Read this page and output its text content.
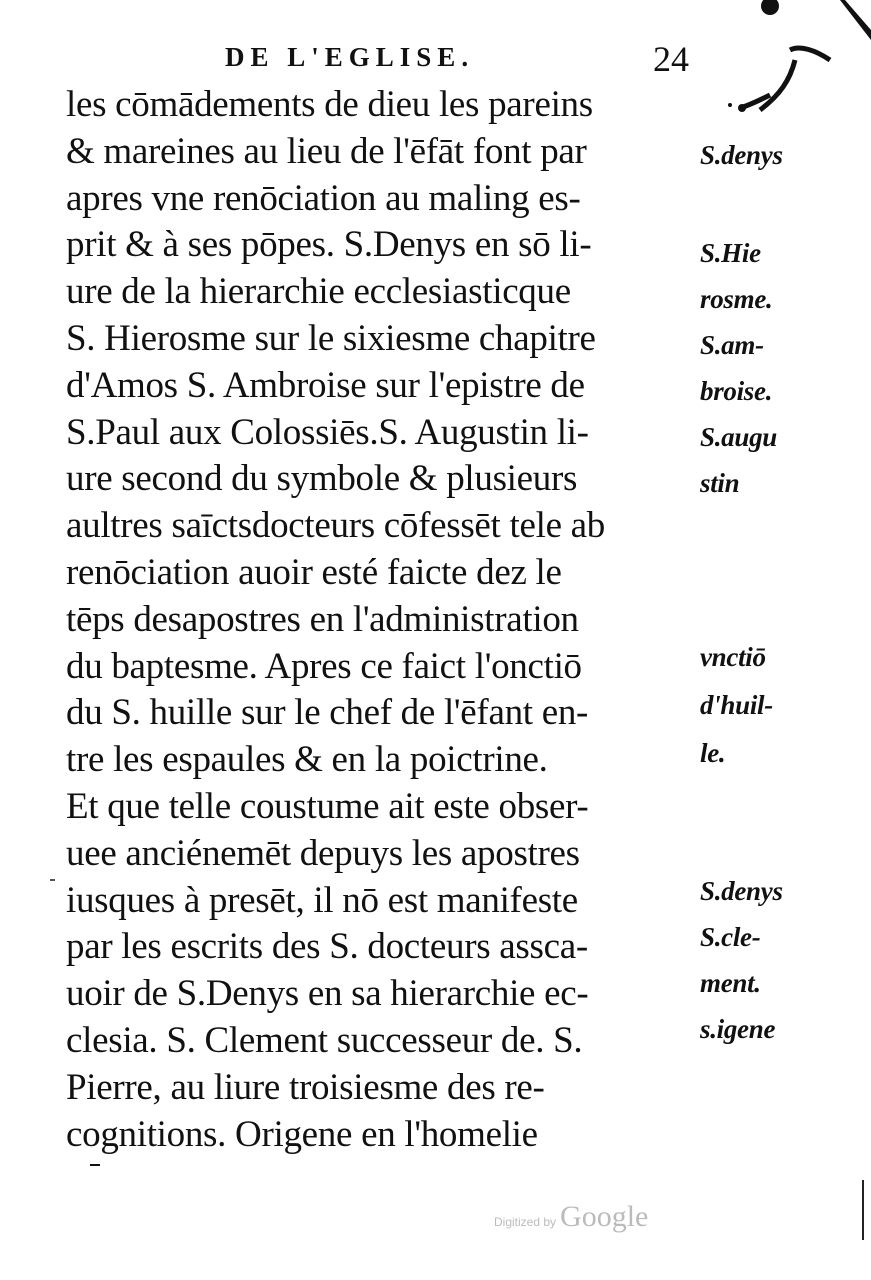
DE L'EGLISE.	24
les cōmādements de dieu les pareins
& mareines au lieu de l'ēfāt font par
apres vne renōciation au maling es-
prit & à ses pōpes. S.Denys en sō li-
ure de la hierarchie ecclesiasticque
S. Hierosme sur le sixiesme chapitre
d'Amos S. Ambroise sur l'epistre de
S.Paul aux Colossiēs.S. Augustin li-
ure second du symbole & plusieurs
aultres saīctsdocteurs cōfessēt tele ab
renōciation auoir esté faicte dez le
tēps desapostres en l'administration
du baptesme. Apres ce faict l'onctiō
du S. huille sur le chef de l'ēfant en-
tre les espaules & en la poictrine.
Et que telle coustume ait este obser-
uee anciénemēt depuys les apostres
iusques à presēt, il nō est manifeste
par les escrits des S. docteurs assca-
uoir de S.Denys en sa hierarchie ec-
clesia. S. Clement successeur de. S.
Pierre, au liure troisiesme des re-
cognitions. Origene en l'homelie
S.denys
S.Hie
rosme.
S.am-
broise.
S.augu
stin
vnctiō
d'huil-
le.
S.denys
S.cle-
ment.
s.igene
Digitized by Google
